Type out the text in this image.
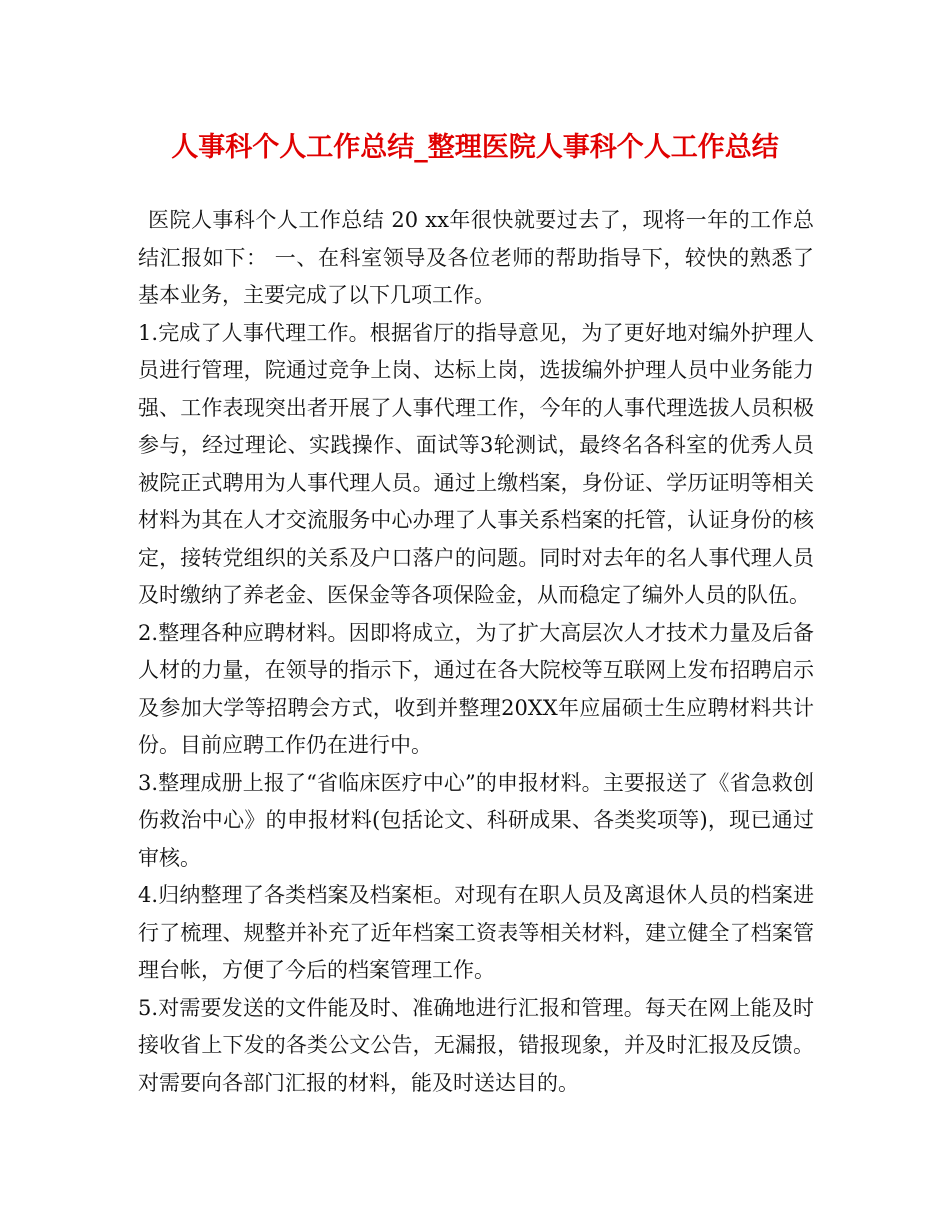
人事科个人工作总结_整理医院人事科个人工作总结

医院人事科个人工作总结 20 xx年很快就要过去了，现将一年的工作总结汇报如下： 一、在科室领导及各位老师的帮助指导下，较快的熟悉了基本业务，主要完成了以下几项工作。

1.完成了人事代理工作。根据省厅的指导意见，为了更好地对编外护理人员进行管理，院通过竞争上岗、达标上岗，选拔编外护理人员中业务能力强、工作表现突出者开展了人事代理工作，今年的人事代理选拔人员积极参与，经过理论、实践操作、面试等3轮测试，最终名各科室的优秀人员被院正式聘用为人事代理人员。通过上缴档案，身份证、学历证明等相关材料为其在人才交流服务中心办理了人事关系档案的托管，认证身份的核定，接转党组织的关系及户口落户的问题。同时对去年的名人事代理人员及时缴纳了养老金、医保金等各项保险金，从而稳定了编外人员的队伍。

2.整理各种应聘材料。因即将成立，为了扩大高层次人才技术力量及后备人材的力量，在领导的指示下，通过在各大院校等互联网上发布招聘启示及参加大学等招聘会方式，收到并整理20XX年应届硕士生应聘材料共计份。目前应聘工作仍在进行中。

3.整理成册上报了“省临床医疗中心”的申报材料。主要报送了《省急救创伤救治中心》的申报材料(包括论文、科研成果、各类奖项等)，现已通过审核。

4.归纳整理了各类档案及档案柜。对现有在职人员及离退休人员的档案进行了梳理、规整并补充了近年档案工资表等相关材料，建立健全了档案管理台帐，方便了今后的档案管理工作。

5.对需要发送的文件能及时、准确地进行汇报和管理。每天在网上能及时接收省上下发的各类公文公告，无漏报，错报现象，并及时汇报及反馈。对需要向各部门汇报的材料，能及时送达目的。
